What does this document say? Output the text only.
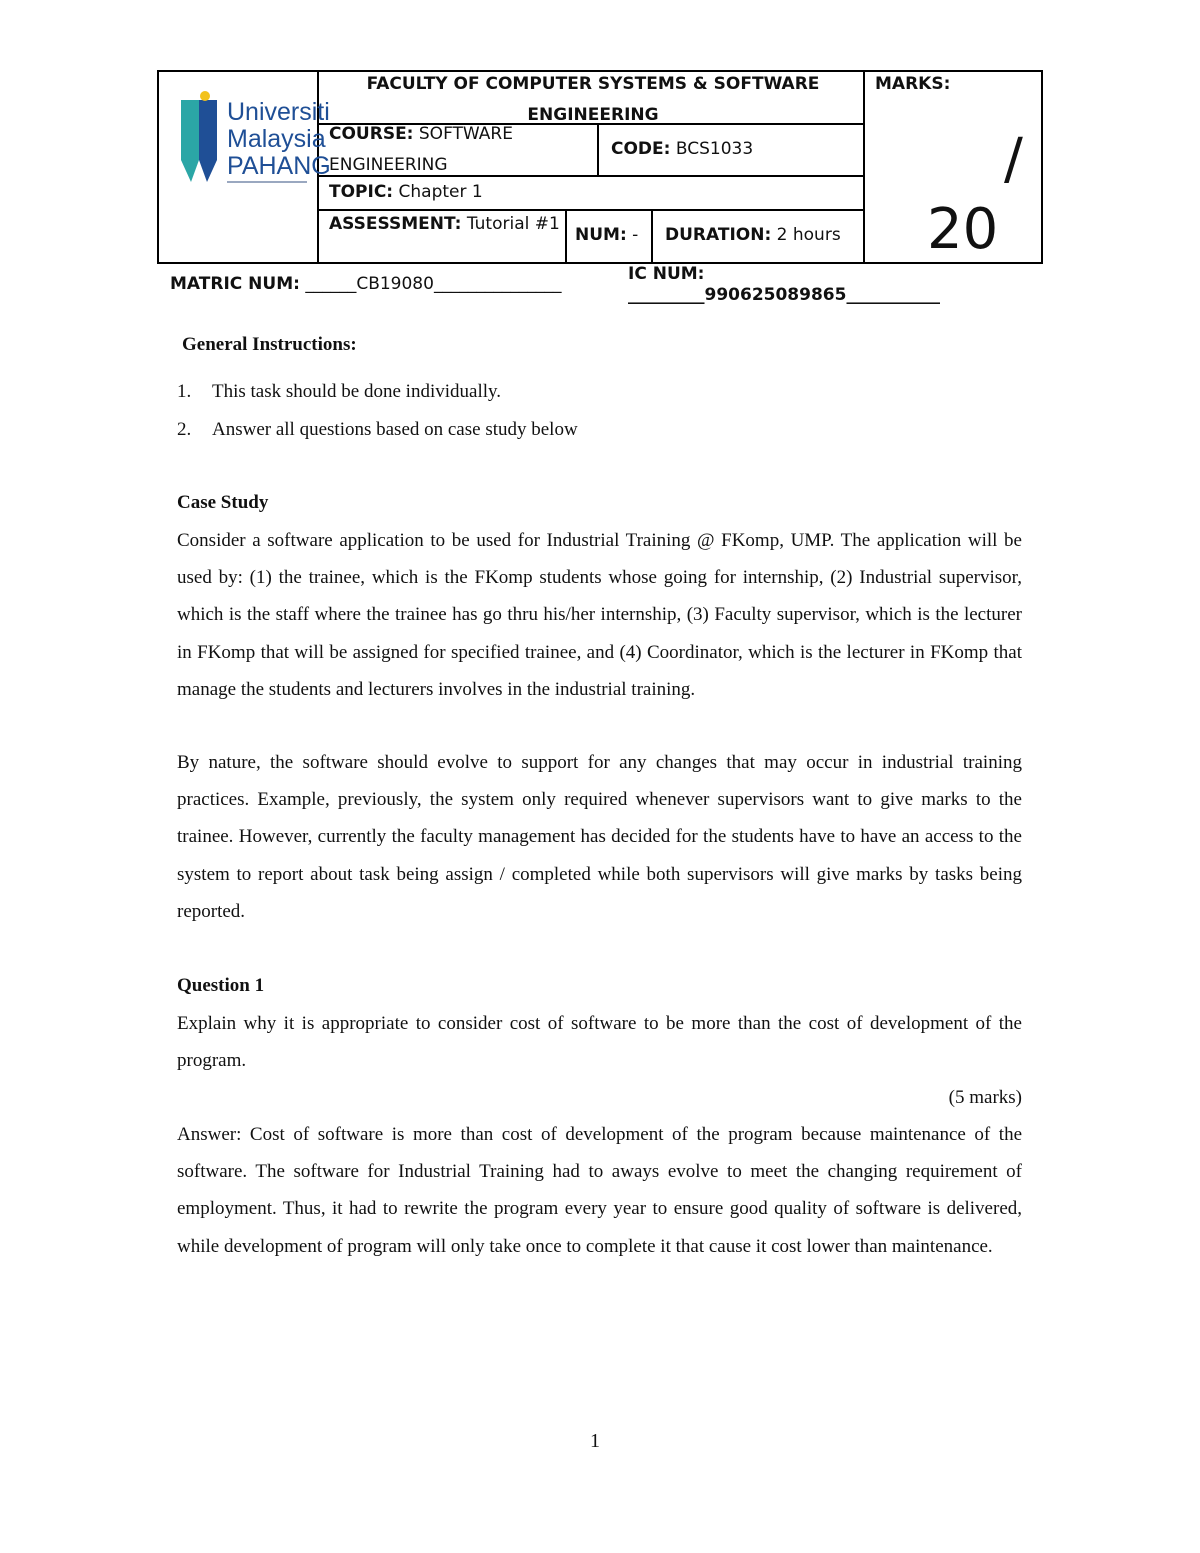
Universiti
Malaysia
PAHANG
FACULTY OF COMPUTER SYSTEMS & SOFTWARE ENGINEERING
MARKS:
/
20
COURSE: SOFTWARE ENGINEERING
CODE: BCS1033
TOPIC: Chapter 1
ASSESSMENT: Tutorial #1
NUM: - DURATION: 2 hours
MATRIC NUM: ______CB19080_______________	IC NUM:
_________990625089865___________
General Instructions:
1. This task should be done individually.
2. Answer all questions based on case study below
Case Study
Consider a software application to be used for Industrial Training @ FKomp, UMP. The application will be used by: (1) the trainee, which is the FKomp students whose going for internship, (2) Industrial supervisor, which is the staff where the trainee has go thru his/her internship, (3) Faculty supervisor, which is the lecturer in FKomp that will be assigned for specified trainee, and (4) Coordinator, which is the lecturer in FKomp that manage the students and lecturers involves in the industrial training.
By nature, the software should evolve to support for any changes that may occur in industrial training practices. Example, previously, the system only required whenever supervisors want to give marks to the trainee. However, currently the faculty management has decided for the students have to have an access to the system to report about task being assign / completed while both supervisors will give marks by tasks being reported.
Question 1
Explain why it is appropriate to consider cost of software to be more than the cost of development of the program.
(5 marks)
Answer: Cost of software is more than cost of development of the program because maintenance of the software. The software for Industrial Training had to aways evolve to meet the changing requirement of employment. Thus, it had to rewrite the program every year to ensure good quality of software is delivered, while development of program will only take once to complete it that cause it cost lower than maintenance.
1
